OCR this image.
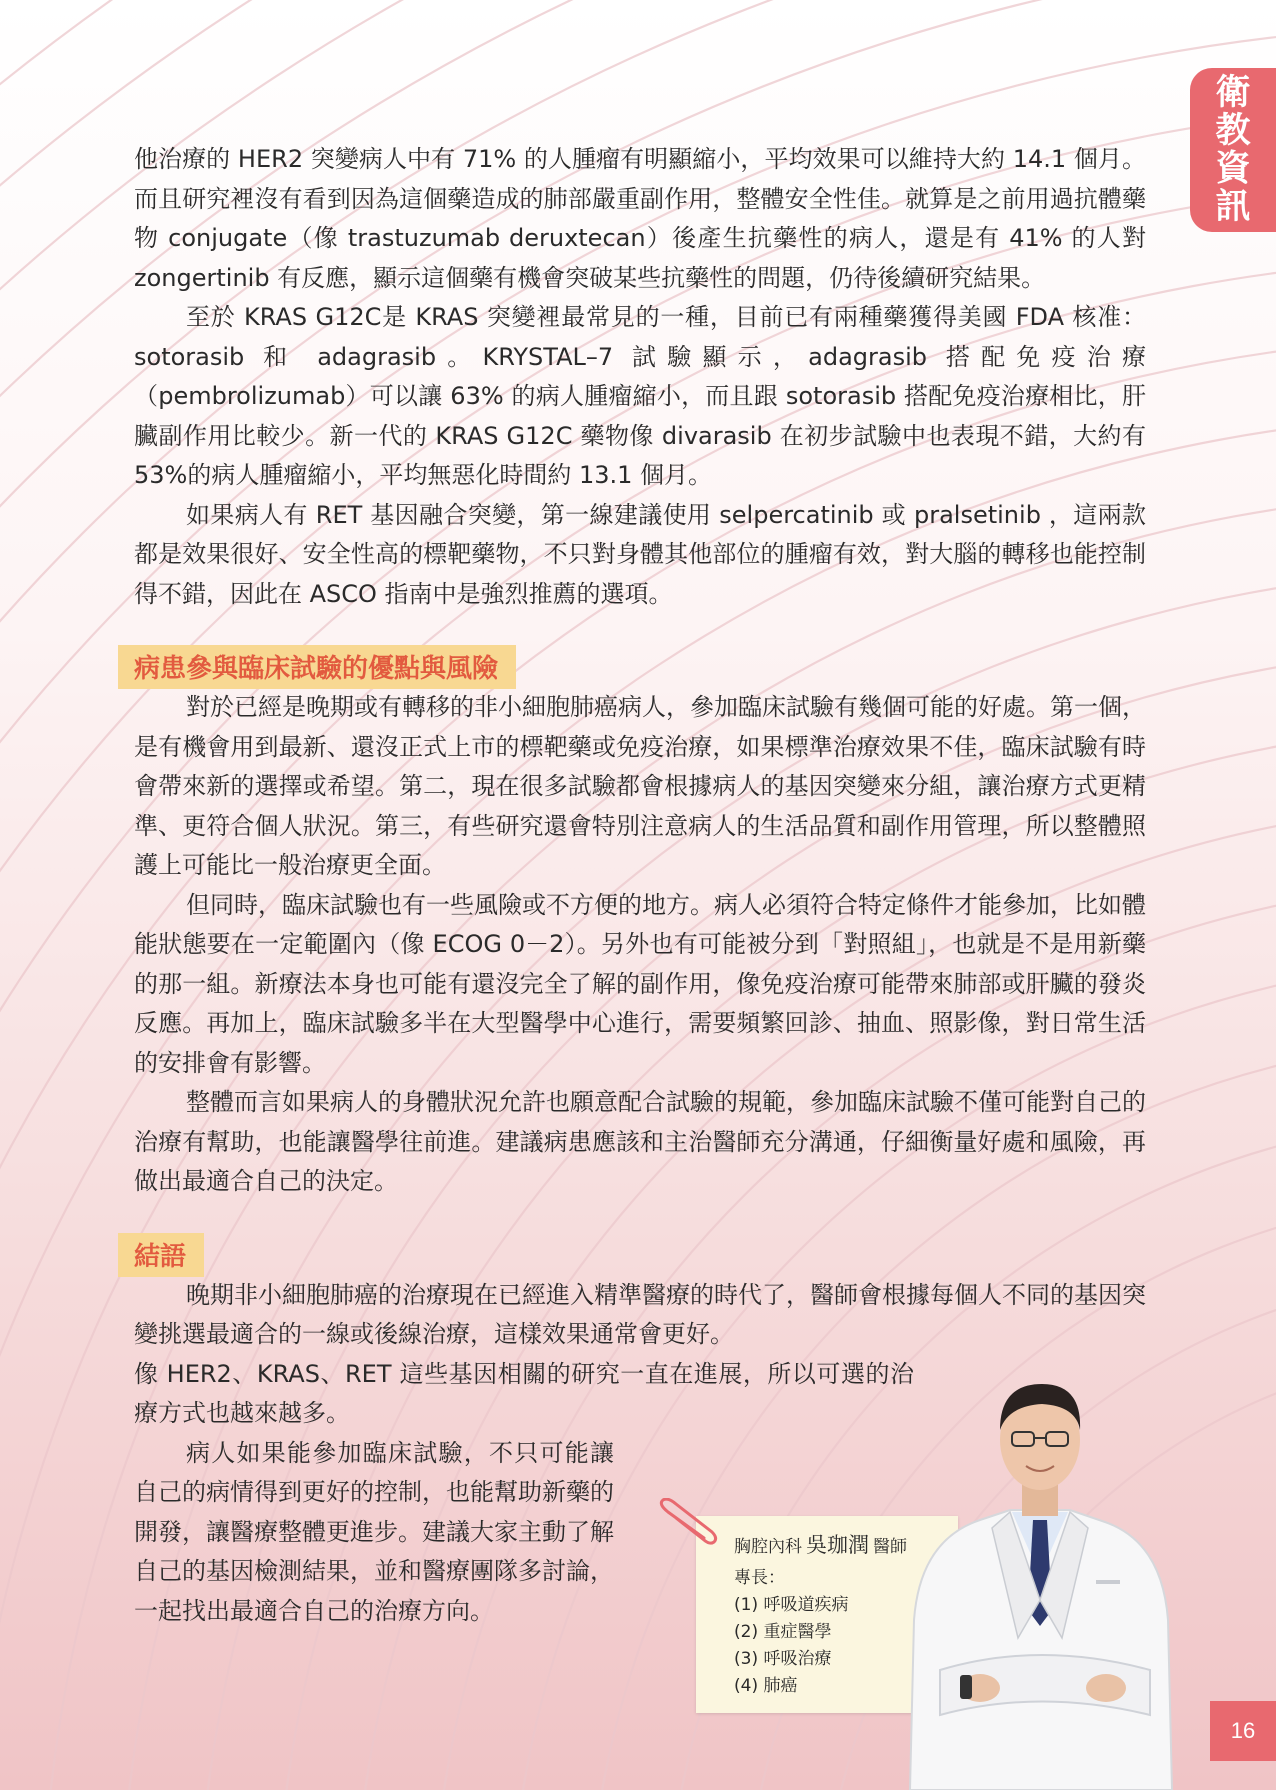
衛
教
資
訊

他治療的 HER2 突變病人中有 71% 的人腫瘤有明顯縮小，平均效果可以維持大約 14.1 個月。而且研究裡沒有看到因為這個藥造成的肺部嚴重副作用，整體安全性佳。就算是之前用過抗體藥物 conjugate（像 trastuzumab deruxtecan）後產生抗藥性的病人，還是有 41% 的人對 zongertinib 有反應，顯示這個藥有機會突破某些抗藥性的問題，仍待後續研究結果。

至於 KRAS G12C是 KRAS 突變裡最常見的一種，目前已有兩種藥獲得美國 FDA 核准：sotorasib 和 adagrasib。KRYSTAL–7 試驗顯示，adagrasib 搭配免疫治療（pembrolizumab）可以讓 63% 的病人腫瘤縮小，而且跟 sotorasib 搭配免疫治療相比，肝臟副作用比較少。新一代的 KRAS G12C 藥物像 divarasib 在初步試驗中也表現不錯，大約有53%的病人腫瘤縮小，平均無惡化時間約 13.1 個月。

如果病人有 RET 基因融合突變，第一線建議使用 selpercatinib 或 pralsetinib ，這兩款都是效果很好、安全性高的標靶藥物，不只對身體其他部位的腫瘤有效，對大腦的轉移也能控制得不錯，因此在 ASCO 指南中是強烈推薦的選項。

病患參與臨床試驗的優點與風險

對於已經是晚期或有轉移的非小細胞肺癌病人，參加臨床試驗有幾個可能的好處。第一個，是有機會用到最新、還沒正式上市的標靶藥或免疫治療，如果標準治療效果不佳，臨床試驗有時會帶來新的選擇或希望。第二，現在很多試驗都會根據病人的基因突變來分組，讓治療方式更精準、更符合個人狀況。第三，有些研究還會特別注意病人的生活品質和副作用管理，所以整體照護上可能比一般治療更全面。

但同時，臨床試驗也有一些風險或不方便的地方。病人必須符合特定條件才能參加，比如體能狀態要在一定範圍內（像 ECOG 0－2）。另外也有可能被分到「對照組」，也就是不是用新藥的那一組。新療法本身也可能有還沒完全了解的副作用，像免疫治療可能帶來肺部或肝臟的發炎反應。再加上，臨床試驗多半在大型醫學中心進行，需要頻繁回診、抽血、照影像，對日常生活的安排會有影響。

整體而言如果病人的身體狀況允許也願意配合試驗的規範，參加臨床試驗不僅可能對自己的治療有幫助，也能讓醫學往前進。建議病患應該和主治醫師充分溝通，仔細衡量好處和風險，再做出最適合自己的決定。

結語

晚期非小細胞肺癌的治療現在已經進入精準醫療的時代了，醫師會根據每個人不同的基因突變挑選最適合的一線或後線治療，這樣效果通常會更好。

像 HER2、KRAS、RET 這些基因相關的研究一直在進展，所以可選的治療方式也越來越多。

病人如果能參加臨床試驗，不只可能讓自己的病情得到更好的控制，也能幫助新藥的開發，讓醫療整體更進步。建議大家主動了解自己的基因檢測結果，並和醫療團隊多討論，一起找出最適合自己的治療方向。

胸腔內科 吳珈潤 醫師
專長：
(1) 呼吸道疾病
(2) 重症醫學
(3) 呼吸治療
(4) 肺癌
16
